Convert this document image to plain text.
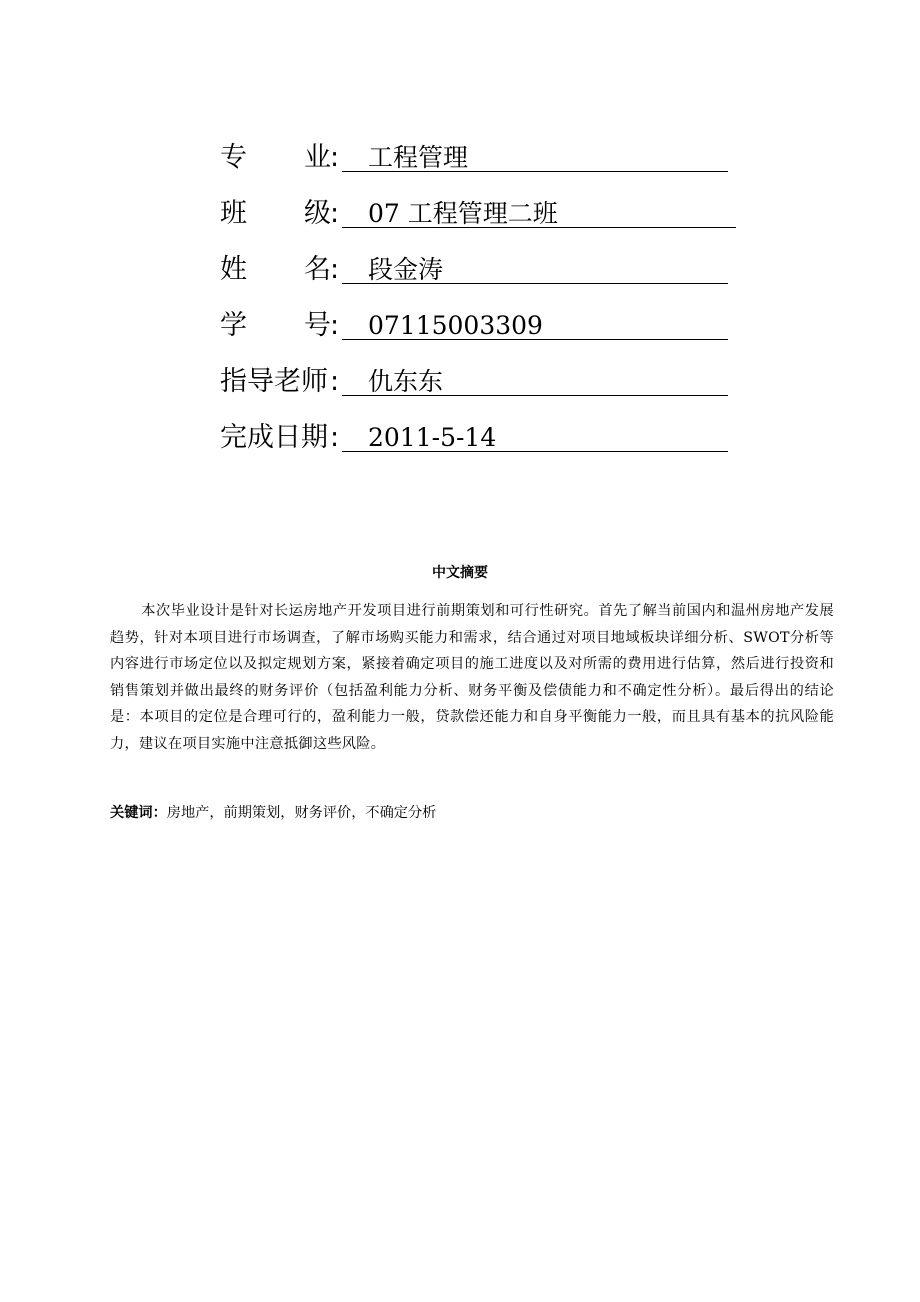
专 业 :	工程管理
班 级 :	07 工程管理二班
姓 名 :	段金涛
学 号 :	07115003309
指导老师 :	仇东东
完成日期 :	2011-5-14
中文摘要

本次毕业设计是针对长运房地产开发项目进行前期策划和可行性研究。首先了解当前国内和温州房地产发展趋势，针对本项目进行市场调查，了解市场购买能力和需求，结合通过对项目地域板块详细分析、SWOT分析等内容进行市场定位以及拟定规划方案，紧接着确定项目的施工进度以及对所需的费用进行估算，然后进行投资和销售策划并做出最终的财务评价（包括盈利能力分析、财务平衡及偿债能力和不确定性分析）。最后得出的结论是：本项目的定位是合理可行的，盈利能力一般，贷款偿还能力和自身平衡能力一般，而且具有基本的抗风险能力，建议在项目实施中注意抵御这些风险。

关键词：房地产，前期策划，财务评价，不确定分析
